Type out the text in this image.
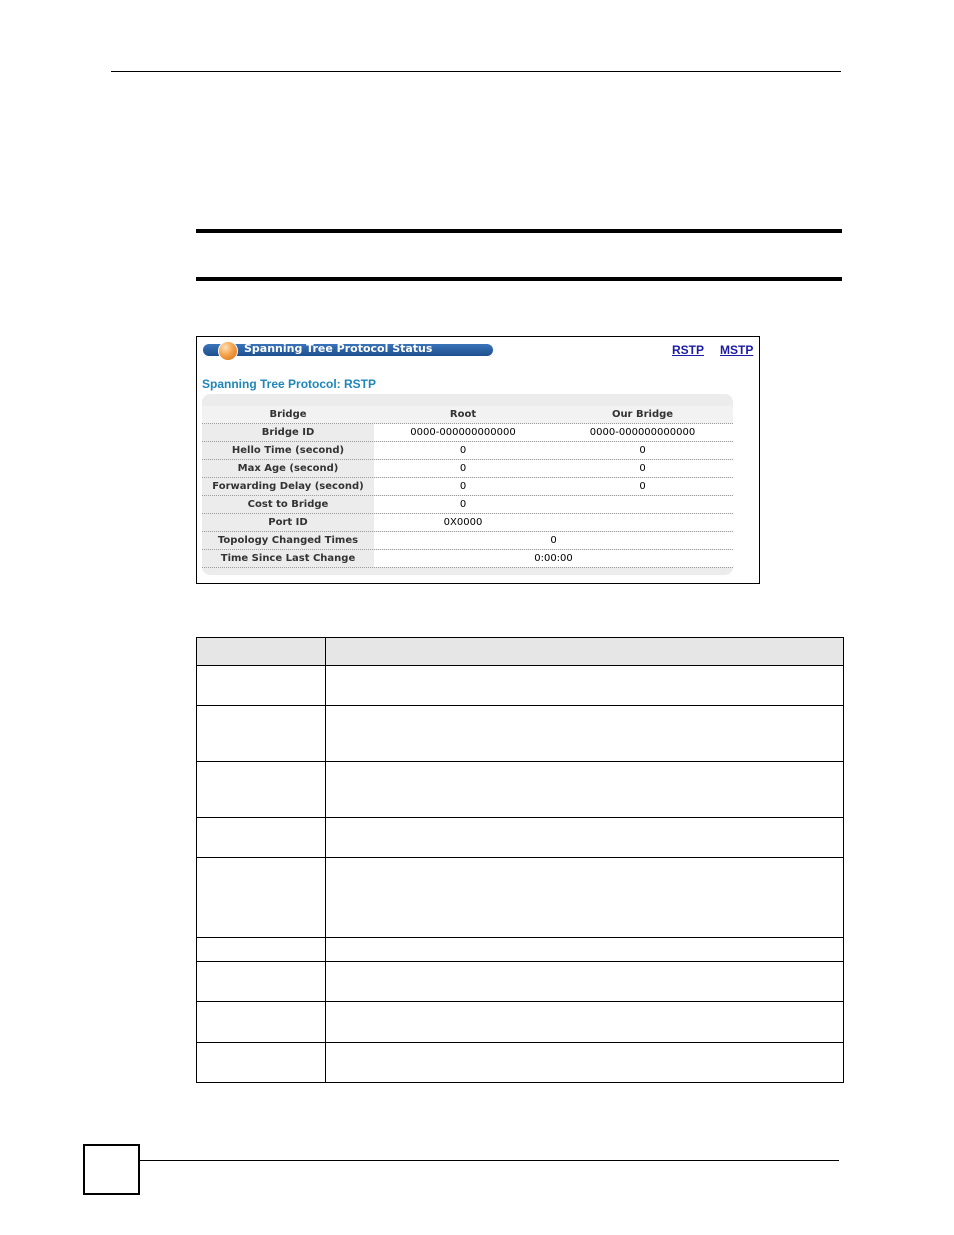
Spanning Tree Protocol Status	RSTP MSTP
Spanning Tree Protocol: RSTP
Bridge	Root	Our Bridge
Bridge ID	0000-000000000000	0000-000000000000
Hello Time (second)	0	0
Max Age (second)	0	0
Forwarding Delay (second)	0	0
Cost to Bridge	0
Port ID	0X0000
Topology Changed Times	0
Time Since Last Change	0:00:00
